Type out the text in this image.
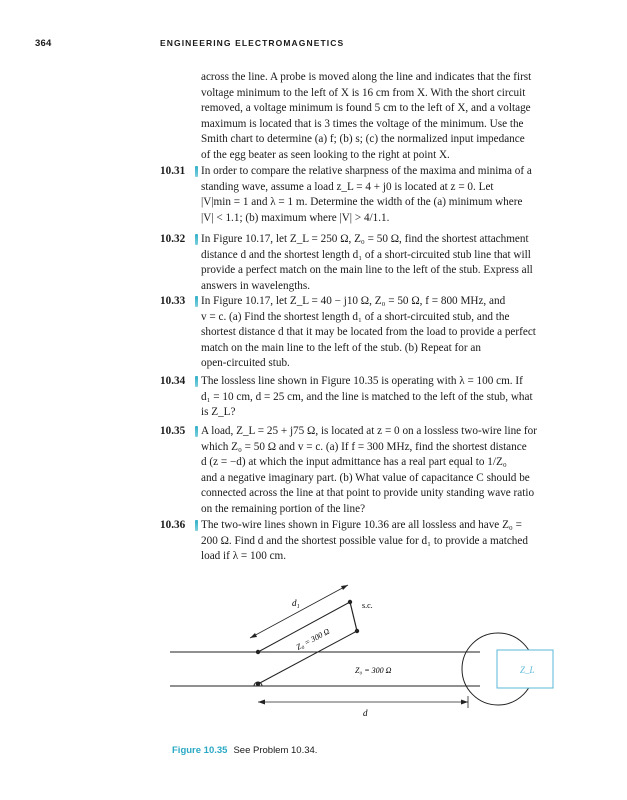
364	ENGINEERING ELECTROMAGNETICS
across the line. A probe is moved along the line and indicates that the first
voltage minimum to the left of X is 16 cm from X. With the short circuit
removed, a voltage minimum is found 5 cm to the left of X, and a voltage
maximum is located that is 3 times the voltage of the minimum. Use the
Smith chart to determine (a) f; (b) s; (c) the normalized input impedance
of the egg beater as seen looking to the right at point X.
10.31	In order to compare the relative sharpness of the maxima and minima of a
standing wave, assume a load z_L = 4 + j0 is located at z = 0. Let
|V|min = 1 and λ = 1 m. Determine the width of the (a) minimum where
|V| < 1.1; (b) maximum where |V| > 4/1.1.
10.32	In Figure 10.17, let Z_L = 250 Ω, Z₀ = 50 Ω, find the shortest attachment
distance d and the shortest length d₁ of a short-circuited stub line that will
provide a perfect match on the main line to the left of the stub. Express all
answers in wavelengths.
10.33	In Figure 10.17, let Z_L = 40 − j10 Ω, Z₀ = 50 Ω, f = 800 MHz, and
v = c. (a) Find the shortest length d₁ of a short-circuited stub, and the
shortest distance d that it may be located from the load to provide a perfect
match on the main line to the left of the stub. (b) Repeat for an
open-circuited stub.
10.34	The lossless line shown in Figure 10.35 is operating with λ = 100 cm. If
d₁ = 10 cm, d = 25 cm, and the line is matched to the left of the stub, what
is Z_L?
10.35	A load, Z_L = 25 + j75 Ω, is located at z = 0 on a lossless two-wire line for
which Z₀ = 50 Ω and v = c. (a) If f = 300 MHz, find the shortest distance
d (z = −d) at which the input admittance has a real part equal to 1/Z₀
and a negative imaginary part. (b) What value of capacitance C should be
connected across the line at that point to provide unity standing wave ratio
on the remaining portion of the line?
10.36	The two-wire lines shown in Figure 10.36 are all lossless and have Z₀ =
200 Ω. Find d and the shortest possible value for d₁ to provide a matched
load if λ = 100 cm.
Z_L
s.c.
d₁
Z₀ = 300 Ω
Z₀ = 300 Ω
d
Figure 10.35 See Problem 10.34.
